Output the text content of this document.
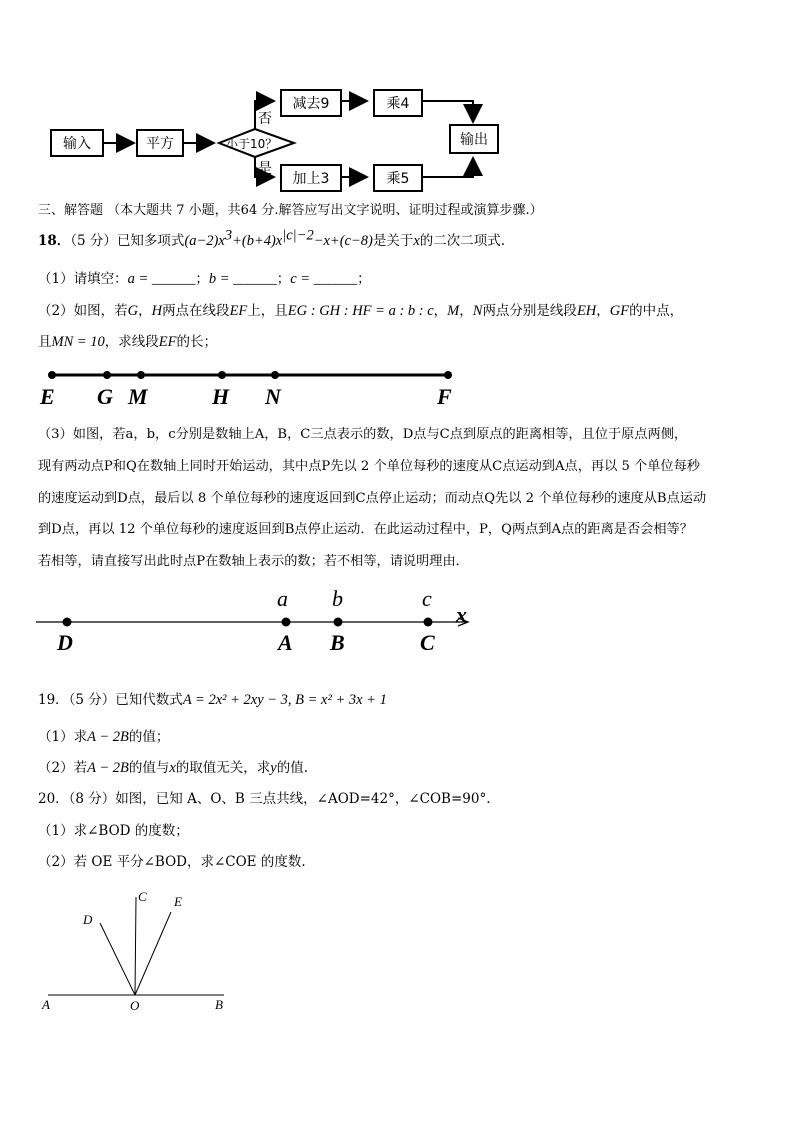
输入	平方	小于10？
否
是
减去9
加上3
乘4
乘5
输出
三、解答题 （本大题共 7 小题，共64 分.解答应写出文字说明、证明过程或演算步骤.）
18．（5 分）已知多项式$(a-2)x^3+(b+4)x^{|c|-2}-x+(c-8)$是关于x的二次二项式.
（1）请填空：a = ______；b = ______；c = ______；
（2）如图，若G，H两点在线段EF上，且EG : GH : HF = a : b : c，M，N两点分别是线段EH，GF的中点，
且MN = 10，求线段EF的长；
E G M	H N	F
（3）如图，若a，b，c分别是数轴上A，B，C三点表示的数，D点与C点到原点的距离相等，且位于原点两侧，
现有两动点P和Q在数轴上同时开始运动，其中点P先以 2 个单位每秒的速度从C点运动到A点，再以 5 个单位每秒
的速度运动到D点，最后以 8 个单位每秒的速度返回到C点停止运动；而动点Q先以 2 个单位每秒的速度从B点运动
到D点，再以 12 个单位每秒的速度返回到B点停止运动．在此运动过程中，P，Q两点到A点的距离是否会相等？
若相等，请直接写出此时点P在数轴上表示的数；若不相等，请说明理由．
a b	c
x
D	A B	C
19．（5 分）已知代数式A = 2x² + 2xy − 3, B = x² + 3x + 1
（1）求A − 2B的值；
（2）若A − 2B的值与x的取值无关，求y的值.
20．（8 分）如图，已知 A、O、B 三点共线，∠AOD=42°，∠COB=90°.
（1）求∠BOD 的度数；
（2）若 OE 平分∠BOD，求∠COE 的度数.
C E
D
A	O	B
